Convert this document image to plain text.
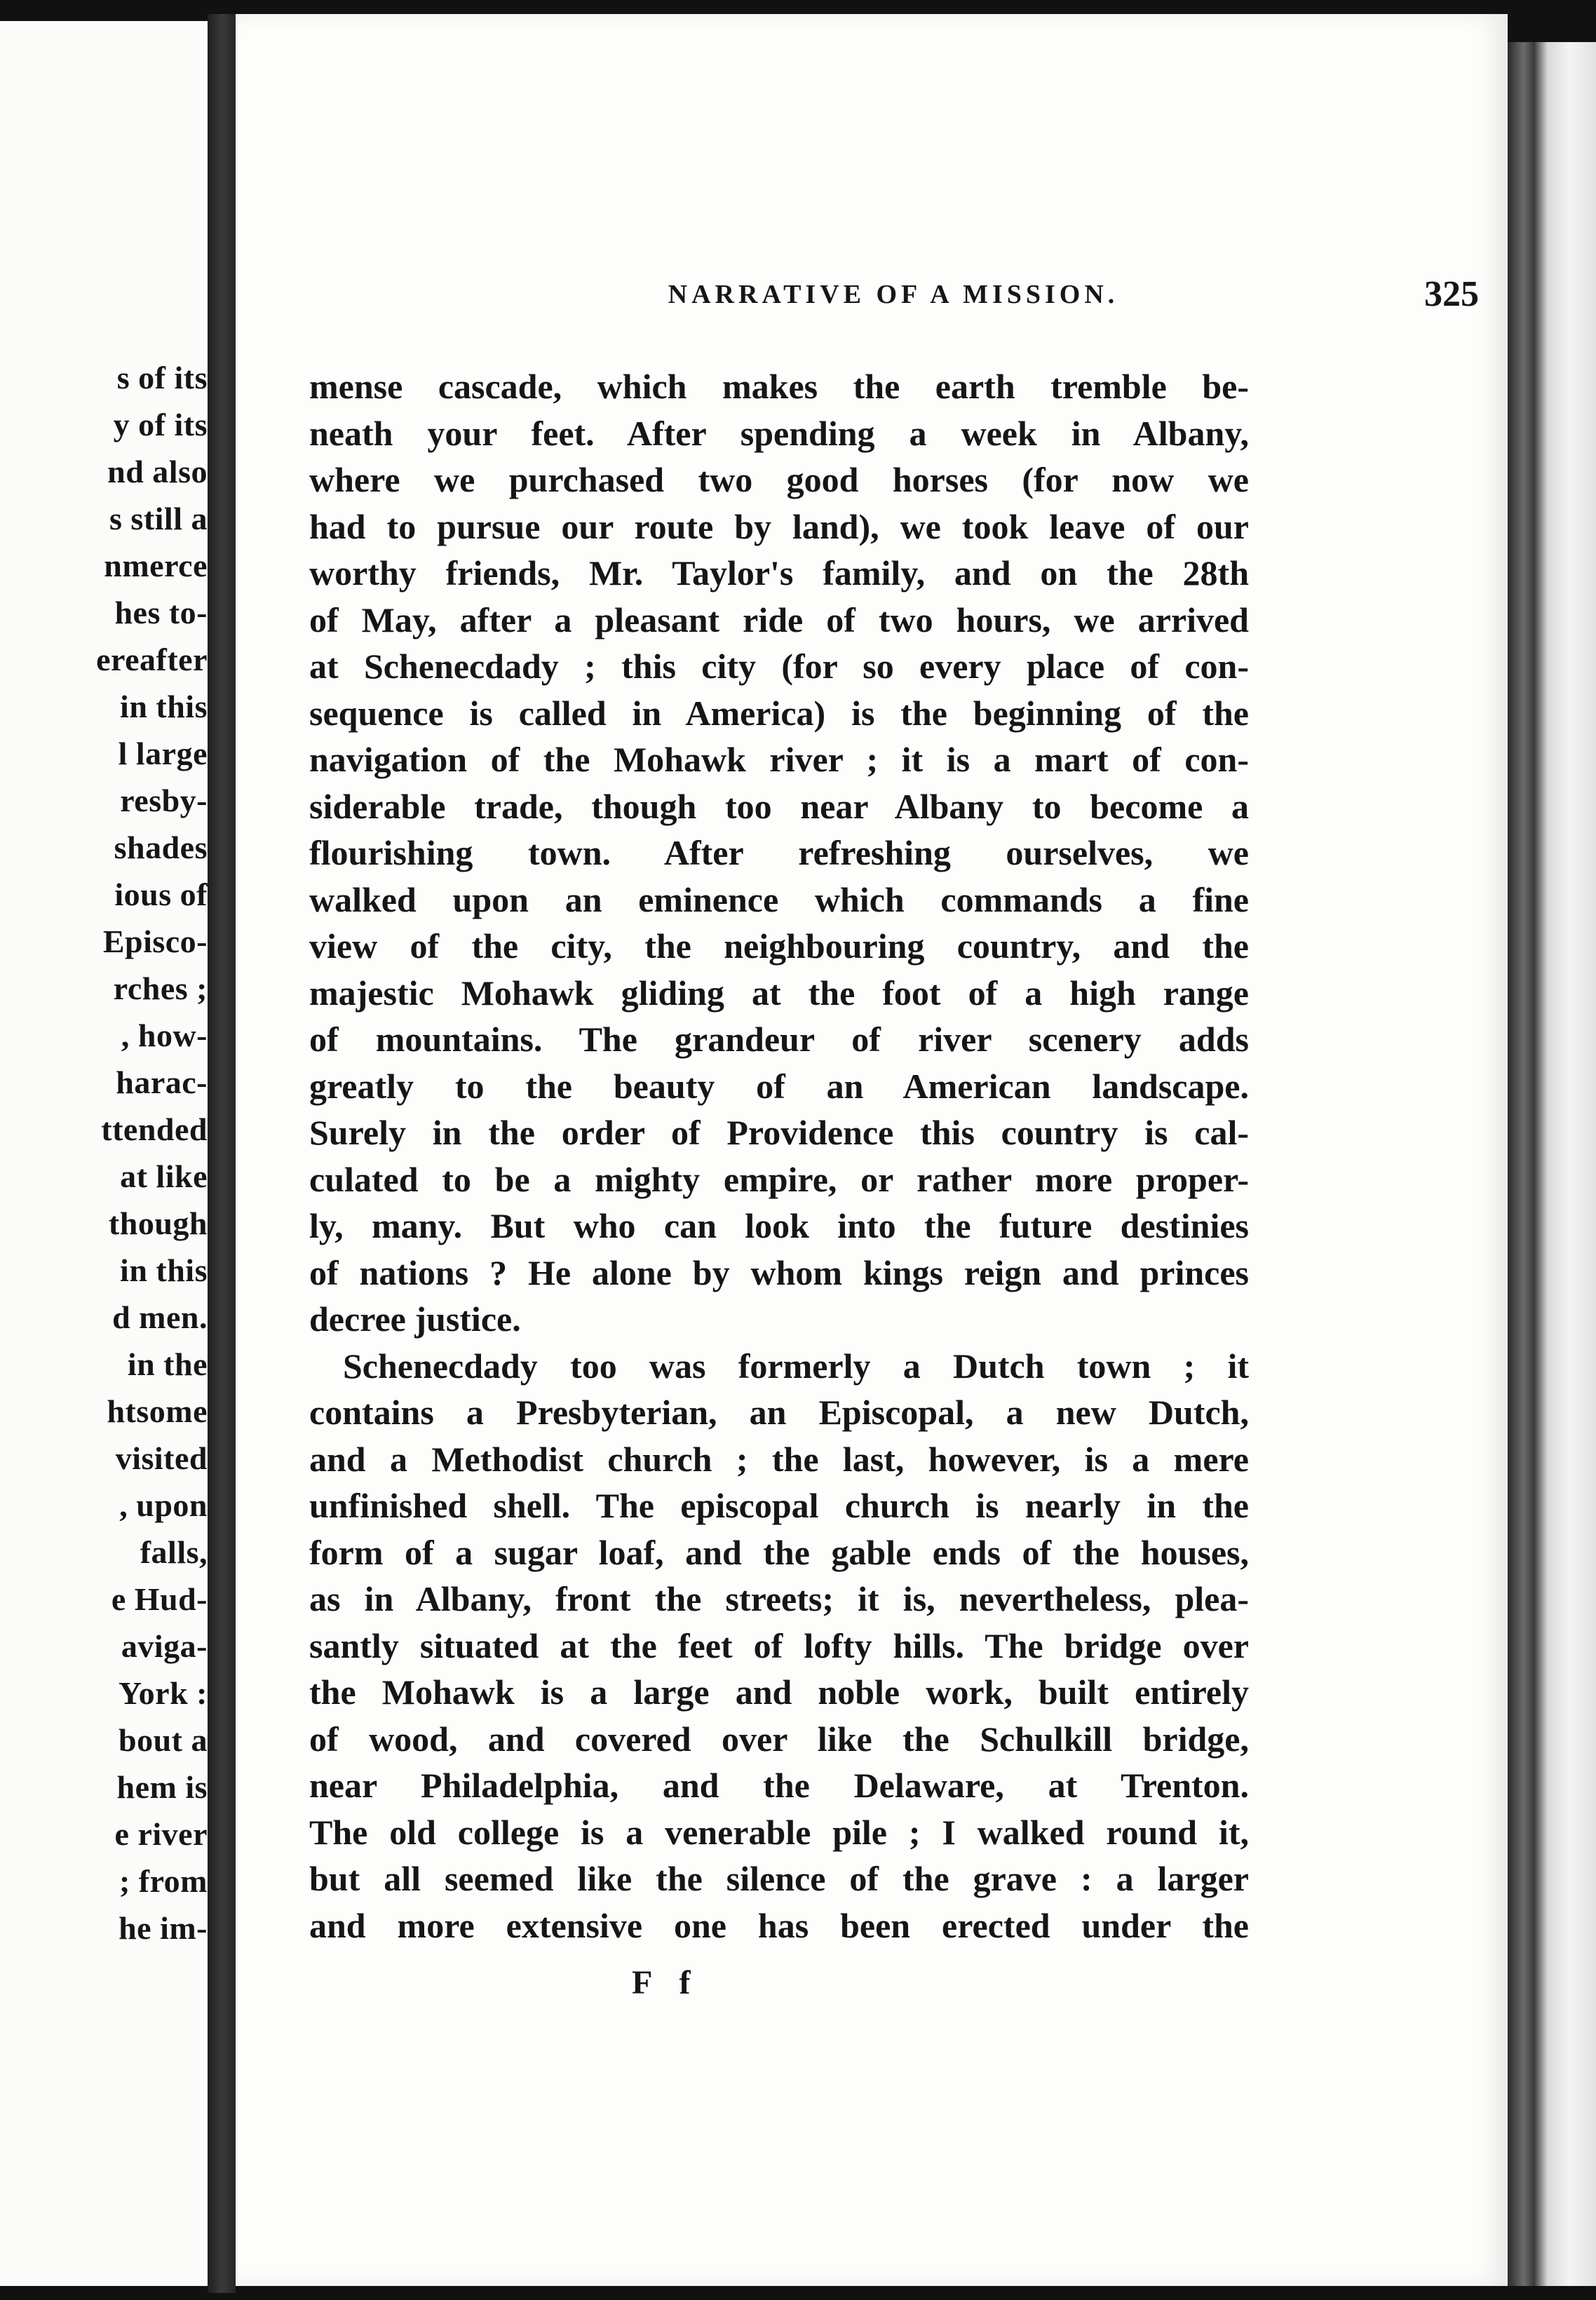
s of its
y of its
nd also
s still a
nmerce
hes to-
ereafter
in this
l large
resby-
shades
ious of
Episco-
rches ;
, how-
harac-
ttended
at like
though
in this
d men.
in the
htsome
visited
, upon
falls,
e Hud-
aviga-
York :
bout a
hem is
e river
; from
he im-
NARRATIVE OF A MISSION.	325
mense cascade, which makes the earth tremble be-
neath your feet. After spending a week in Albany,
where we purchased two good horses (for now we
had to pursue our route by land), we took leave of our
worthy friends, Mr. Taylor's family, and on the 28th
of May, after a pleasant ride of two hours, we arrived
at Schenecdady ; this city (for so every place of con-
sequence is called in America) is the beginning of the
navigation of the Mohawk river ; it is a mart of con-
siderable trade, though too near Albany to become a
flourishing town. After refreshing ourselves, we
walked upon an eminence which commands a fine
view of the city, the neighbouring country, and the
majestic Mohawk gliding at the foot of a high range
of mountains. The grandeur of river scenery adds
greatly to the beauty of an American landscape.
Surely in the order of Providence this country is cal-
culated to be a mighty empire, or rather more proper-
ly, many. But who can look into the future destinies
of nations ? He alone by whom kings reign and princes
decree justice.
Schenecdady too was formerly a Dutch town ; it
contains a Presbyterian, an Episcopal, a new Dutch,
and a Methodist church ; the last, however, is a mere
unfinished shell. The episcopal church is nearly in the
form of a sugar loaf, and the gable ends of the houses,
as in Albany, front the streets; it is, nevertheless, plea-
santly situated at the feet of lofty hills. The bridge over
the Mohawk is a large and noble work, built entirely
of wood, and covered over like the Schulkill bridge,
near Philadelphia, and the Delaware, at Trenton.
The old college is a venerable pile ; I walked round it,
but all seemed like the silence of the grave : a larger
and more extensive one has been erected under the
F f
